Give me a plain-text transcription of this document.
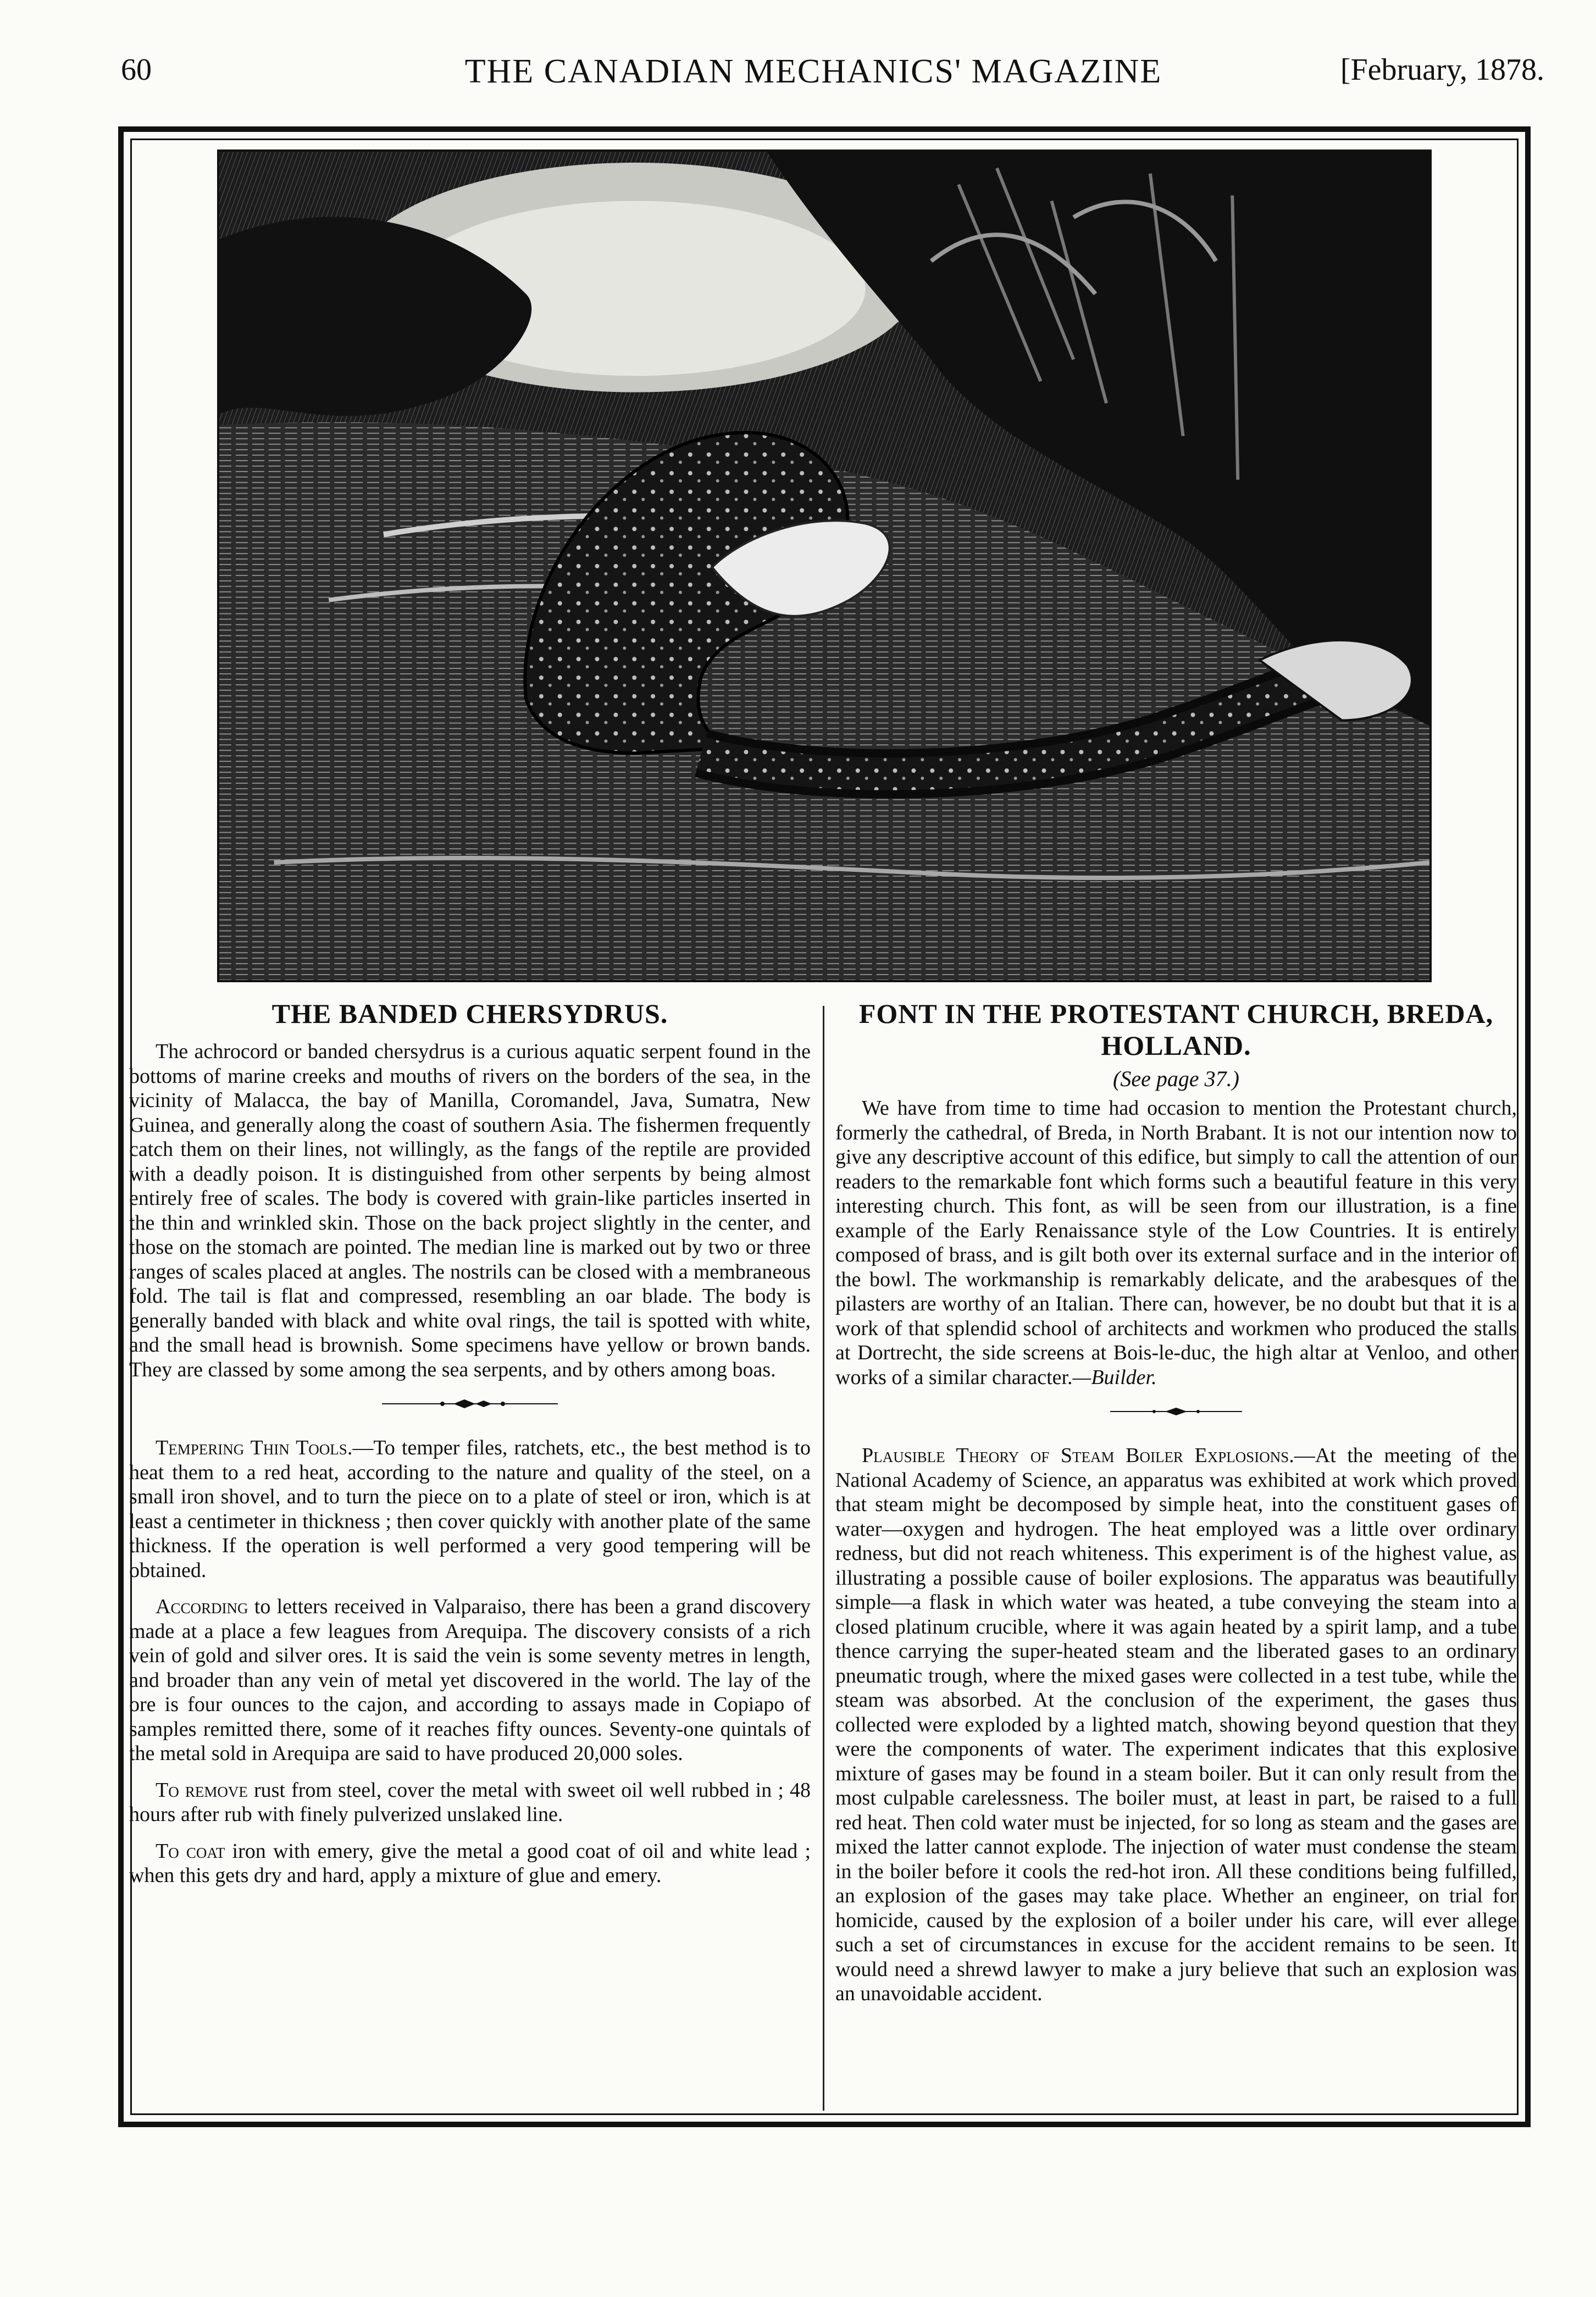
60	THE CANADIAN MECHANICS' MAGAZINE	[February, 1878.
THE BANDED CHERSYDRUS.

The achrocord or banded chersydrus is a curious aquatic serpent found in the bottoms of marine creeks and mouths of rivers on the borders of the sea, in the vicinity of Malacca, the bay of Manilla, Coromandel, Java, Sumatra, New Guinea, and generally along the coast of southern Asia. The fishermen frequently catch them on their lines, not willingly, as the fangs of the reptile are provided with a deadly poison. It is distinguished from other serpents by being almost entirely free of scales. The body is covered with grain-like particles inserted in the thin and wrinkled skin. Those on the back project slightly in the center, and those on the stomach are pointed. The median line is marked out by two or three ranges of scales placed at angles. The nostrils can be closed with a membraneous fold. The tail is flat and compressed, resembling an oar blade. The body is generally banded with black and white oval rings, the tail is spotted with white, and the small head is brownish. Some specimens have yellow or brown bands. They are classed by some among the sea serpents, and by others among boas.

Tempering Thin Tools.—To temper files, ratchets, etc., the best method is to heat them to a red heat, according to the nature and quality of the steel, on a small iron shovel, and to turn the piece on to a plate of steel or iron, which is at least a centimeter in thickness ; then cover quickly with another plate of the same thickness. If the operation is well performed a very good tempering will be obtained.

According to letters received in Valparaiso, there has been a grand discovery made at a place a few leagues from Arequipa. The discovery consists of a rich vein of gold and silver ores. It is said the vein is some seventy metres in length, and broader than any vein of metal yet discovered in the world. The lay of the ore is four ounces to the cajon, and according to assays made in Copiapo of samples remitted there, some of it reaches fifty ounces. Seventy-one quintals of the metal sold in Arequipa are said to have produced 20,000 soles.

To remove rust from steel, cover the metal with sweet oil well rubbed in ; 48 hours after rub with finely pulverized unslaked line.

To coat iron with emery, give the metal a good coat of oil and white lead ; when this gets dry and hard, apply a mixture of glue and emery.

FONT IN THE PROTESTANT CHURCH, BREDA, HOLLAND.
(See page 37.)

We have from time to time had occasion to mention the Protestant church, formerly the cathedral, of Breda, in North Brabant. It is not our intention now to give any descriptive account of this edifice, but simply to call the attention of our readers to the remarkable font which forms such a beautiful feature in this very interesting church. This font, as will be seen from our illustration, is a fine example of the Early Renaissance style of the Low Countries. It is entirely composed of brass, and is gilt both over its external surface and in the interior of the bowl. The workmanship is remarkably delicate, and the arabesques of the pilasters are worthy of an Italian. There can, however, be no doubt but that it is a work of that splendid school of architects and workmen who produced the stalls at Dortrecht, the side screens at Bois-le-duc, the high altar at Venloo, and other works of a similar character.—Builder.

Plausible Theory of Steam Boiler Explosions.—At the meeting of the National Academy of Science, an apparatus was exhibited at work which proved that steam might be decomposed by simple heat, into the constituent gases of water—oxygen and hydrogen. The heat employed was a little over ordinary redness, but did not reach whiteness. This experiment is of the highest value, as illustrating a possible cause of boiler explosions. The apparatus was beautifully simple—a flask in which water was heated, a tube conveying the steam into a closed platinum crucible, where it was again heated by a spirit lamp, and a tube thence carrying the super-heated steam and the liberated gases to an ordinary pneumatic trough, where the mixed gases were collected in a test tube, while the steam was absorbed. At the conclusion of the experiment, the gases thus collected were exploded by a lighted match, showing beyond question that they were the components of water. The experiment indicates that this explosive mixture of gases may be found in a steam boiler. But it can only result from the most culpable carelessness. The boiler must, at least in part, be raised to a full red heat. Then cold water must be injected, for so long as steam and the gases are mixed the latter cannot explode. The injection of water must condense the steam in the boiler before it cools the red-hot iron. All these conditions being fulfilled, an explosion of the gases may take place. Whether an engineer, on trial for homicide, caused by the explosion of a boiler under his care, will ever allege such a set of circumstances in excuse for the accident remains to be seen. It would need a shrewd lawyer to make a jury believe that such an explosion was an unavoidable accident.
